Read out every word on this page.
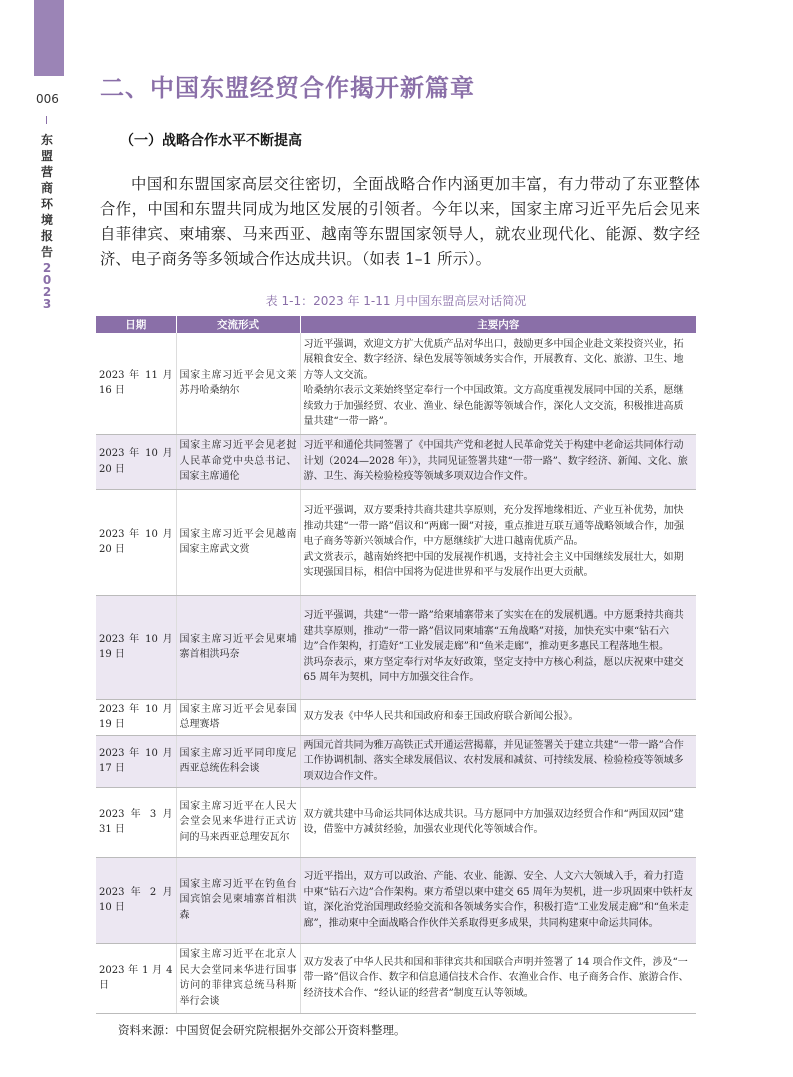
006
东
盟
营
商
环
境
报
告
2
0
2
3
二、中国东盟经贸合作揭开新篇章
（一）战略合作水平不断提高
中国和东盟国家高层交往密切，全面战略合作内涵更加丰富，有力带动了东亚整体合作，中国和东盟共同成为地区发展的引领者。今年以来，国家主席习近平先后会见来自菲律宾、柬埔寨、马来西亚、越南等东盟国家领导人，就农业现代化、能源、数字经济、电子商务等多领域合作达成共识。（如表 1–1 所示）。
表 1-1：2023 年 1-11 月中国东盟高层对话简况
日期	交流形式	主要内容
2023 年 11 月 16 日	国家主席习近平会见文莱苏丹哈桑纳尔	习近平强调，欢迎文方扩大优质产品对华出口，鼓励更多中国企业赴文莱投资兴业，拓展粮食安全、数字经济、绿色发展等领域务实合作，开展教育、文化、旅游、卫生、地方等人文交流。
哈桑纳尔表示文莱始终坚定奉行一个中国政策。文方高度重视发展同中国的关系，愿继续致力于加强经贸、农业、渔业、绿色能源等领域合作，深化人文交流，积极推进高质量共建“一带一路”。
2023 年 10 月 20 日	国家主席习近平会见老挝人民革命党中央总书记、国家主席通伦	习近平和通伦共同签署了《中国共产党和老挝人民革命党关于构建中老命运共同体行动计划（2024—2028 年）》，共同见证签署共建“一带一路”、数字经济、新闻、文化、旅游、卫生、海关检验检疫等领域多项双边合作文件。
2023 年 10 月 20 日	国家主席习近平会见越南国家主席武文赏	习近平强调，双方要秉持共商共建共享原则，充分发挥地缘相近、产业互补优势，加快推动共建“一带一路”倡议和“两廊一圈”对接，重点推进互联互通等战略领域合作，加强电子商务等新兴领域合作，中方愿继续扩大进口越南优质产品。
武文赏表示，越南始终把中国的发展视作机遇，支持社会主义中国继续发展壮大，如期实现强国目标，相信中国将为促进世界和平与发展作出更大贡献。
2023 年 10 月 19 日	国家主席习近平会见柬埔寨首相洪玛奈	习近平强调，共建“一带一路”给柬埔寨带来了实实在在的发展机遇。中方愿秉持共商共建共享原则，推动“一带一路”倡议同柬埔寨“五角战略”对接，加快充实中柬“钻石六边”合作架构，打造好“工业发展走廊”和“鱼米走廊”，推动更多惠民工程落地生根。
洪玛奈表示，柬方坚定奉行对华友好政策，坚定支持中方核心利益，愿以庆祝柬中建交 65 周年为契机，同中方加强交往合作。
2023 年 10 月 19 日	国家主席习近平会见泰国总理赛塔	双方发表《中华人民共和国政府和泰王国政府联合新闻公报》。
2023 年 10 月 17 日	国家主席习近平同印度尼西亚总统佐科会谈	两国元首共同为雅万高铁正式开通运营揭幕，并见证签署关于建立共建“一带一路”合作工作协调机制、落实全球发展倡议、农村发展和减贫、可持续发展、检验检疫等领域多项双边合作文件。
2023 年 3 月 31 日	国家主席习近平在人民大会堂会见来华进行正式访问的马来西亚总理安瓦尔	双方就共建中马命运共同体达成共识。马方愿同中方加强双边经贸合作和“两国双园”建设，借鉴中方减贫经验，加强农业现代化等领域合作。
2023 年 2 月 10 日	国家主席习近平在钓鱼台国宾馆会见柬埔寨首相洪森	习近平指出，双方可以政治、产能、农业、能源、安全、人文六大领域入手，着力打造中柬“钻石六边”合作架构。柬方希望以柬中建交 65 周年为契机，进一步巩固柬中铁杆友谊，深化治党治国理政经验交流和各领域务实合作，积极打造“工业发展走廊”和“鱼米走廊”，推动柬中全面战略合作伙伴关系取得更多成果，共同构建柬中命运共同体。
2023 年 1 月 4 日	国家主席习近平在北京人民大会堂同来华进行国事访问的菲律宾总统马科斯举行会谈	双方发表了中华人民共和国和菲律宾共和国联合声明并签署了 14 项合作文件，涉及“一带一路”倡议合作、数字和信息通信技术合作、农渔业合作、电子商务合作、旅游合作、经济技术合作、“经认证的经营者”制度互认等领域。
资料来源：中国贸促会研究院根据外交部公开资料整理。
